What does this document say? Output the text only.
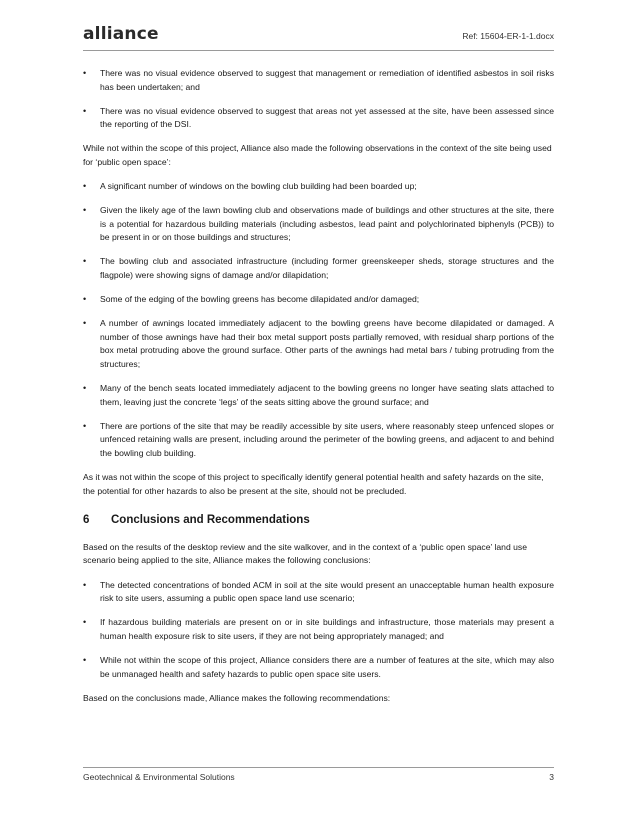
alliance	Ref: 15604-ER-1-1.docx
• There was no visual evidence observed to suggest that management or remediation of identified asbestos in soil risks has been undertaken; and
• There was no visual evidence observed to suggest that areas not yet assessed at the site, have been assessed since the reporting of the DSI.

While not within the scope of this project, Alliance also made the following observations in the context of the site being used for ‘public open space’:

• A significant number of windows on the bowling club building had been boarded up;
• Given the likely age of the lawn bowling club and observations made of buildings and other structures at the site, there is a potential for hazardous building materials (including asbestos, lead paint and polychlorinated biphenyls (PCB)) to be present in or on those buildings and structures;
• The bowling club and associated infrastructure (including former greenskeeper sheds, storage structures and the flagpole) were showing signs of damage and/or dilapidation;
• Some of the edging of the bowling greens has become dilapidated and/or damaged;
• A number of awnings located immediately adjacent to the bowling greens have become dilapidated or damaged. A number of those awnings have had their box metal support posts partially removed, with residual sharp portions of the box metal protruding above the ground surface. Other parts of the awnings had metal bars / tubing protruding from the structures;
• Many of the bench seats located immediately adjacent to the bowling greens no longer have seating slats attached to them, leaving just the concrete ‘legs’ of the seats sitting above the ground surface; and
• There are portions of the site that may be readily accessible by site users, where reasonably steep unfenced slopes or unfenced retaining walls are present, including around the perimeter of the bowling greens, and adjacent to and behind the bowling club building.

As it was not within the scope of this project to specifically identify general potential health and safety hazards on the site, the potential for other hazards to also be present at the site, should not be precluded.

6	Conclusions and Recommendations

Based on the results of the desktop review and the site walkover, and in the context of a ‘public open space’ land use scenario being applied to the site, Alliance makes the following conclusions:

• The detected concentrations of bonded ACM in soil at the site would present an unacceptable human health exposure risk to site users, assuming a public open space land use scenario;
• If hazardous building materials are present on or in site buildings and infrastructure, those materials may present a human health exposure risk to site users, if they are not being appropriately managed; and
• While not within the scope of this project, Alliance considers there are a number of features at the site, which may also be unmanaged health and safety hazards to public open space site users.

Based on the conclusions made, Alliance makes the following recommendations:

Geotechnical & Environmental Solutions	3
